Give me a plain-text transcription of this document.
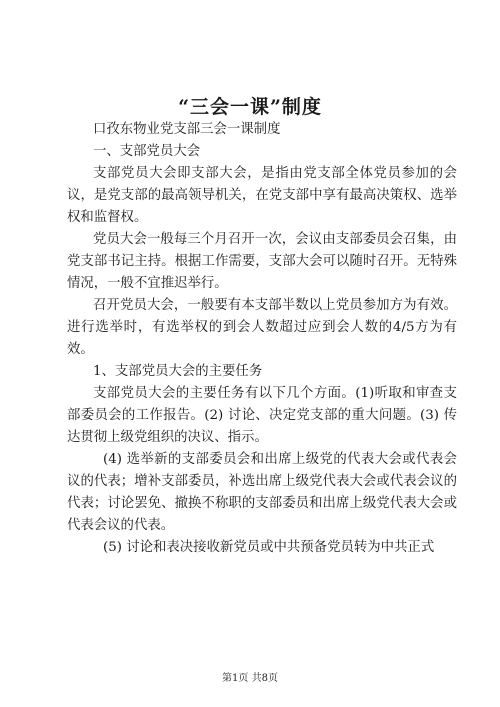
“三会一课”制度

口孜东物业党支部三会一课制度

一、支部党员大会

支部党员大会即支部大会，是指由党支部全体党员参加的会议，是党支部的最高领导机关，在党支部中享有最高决策权、选举权和监督权。

党员大会一般每三个月召开一次，会议由支部委员会召集，由党支部书记主持。根据工作需要，支部大会可以随时召开。无特殊情况，一般不宜推迟举行。

召开党员大会，一般要有本支部半数以上党员参加方为有效。进行选举时，有选举权的到会人数超过应到会人数的4/5方为有效。

1、支部党员大会的主要任务

支部党员大会的主要任务有以下几个方面。(1)听取和审查支部委员会的工作报告。(2) 讨论、决定党支部的重大问题。(3) 传达贯彻上级党组织的决议、指示。

(4) 选举新的支部委员会和出席上级党的代表大会或代表会议的代表；增补支部委员，补选出席上级党代表大会或代表会议的代表；讨论罢免、撤换不称职的支部委员和出席上级党代表大会或代表会议的代表。

(5) 讨论和表决接收新党员或中共预备党员转为中共正式

第1页 共8页
